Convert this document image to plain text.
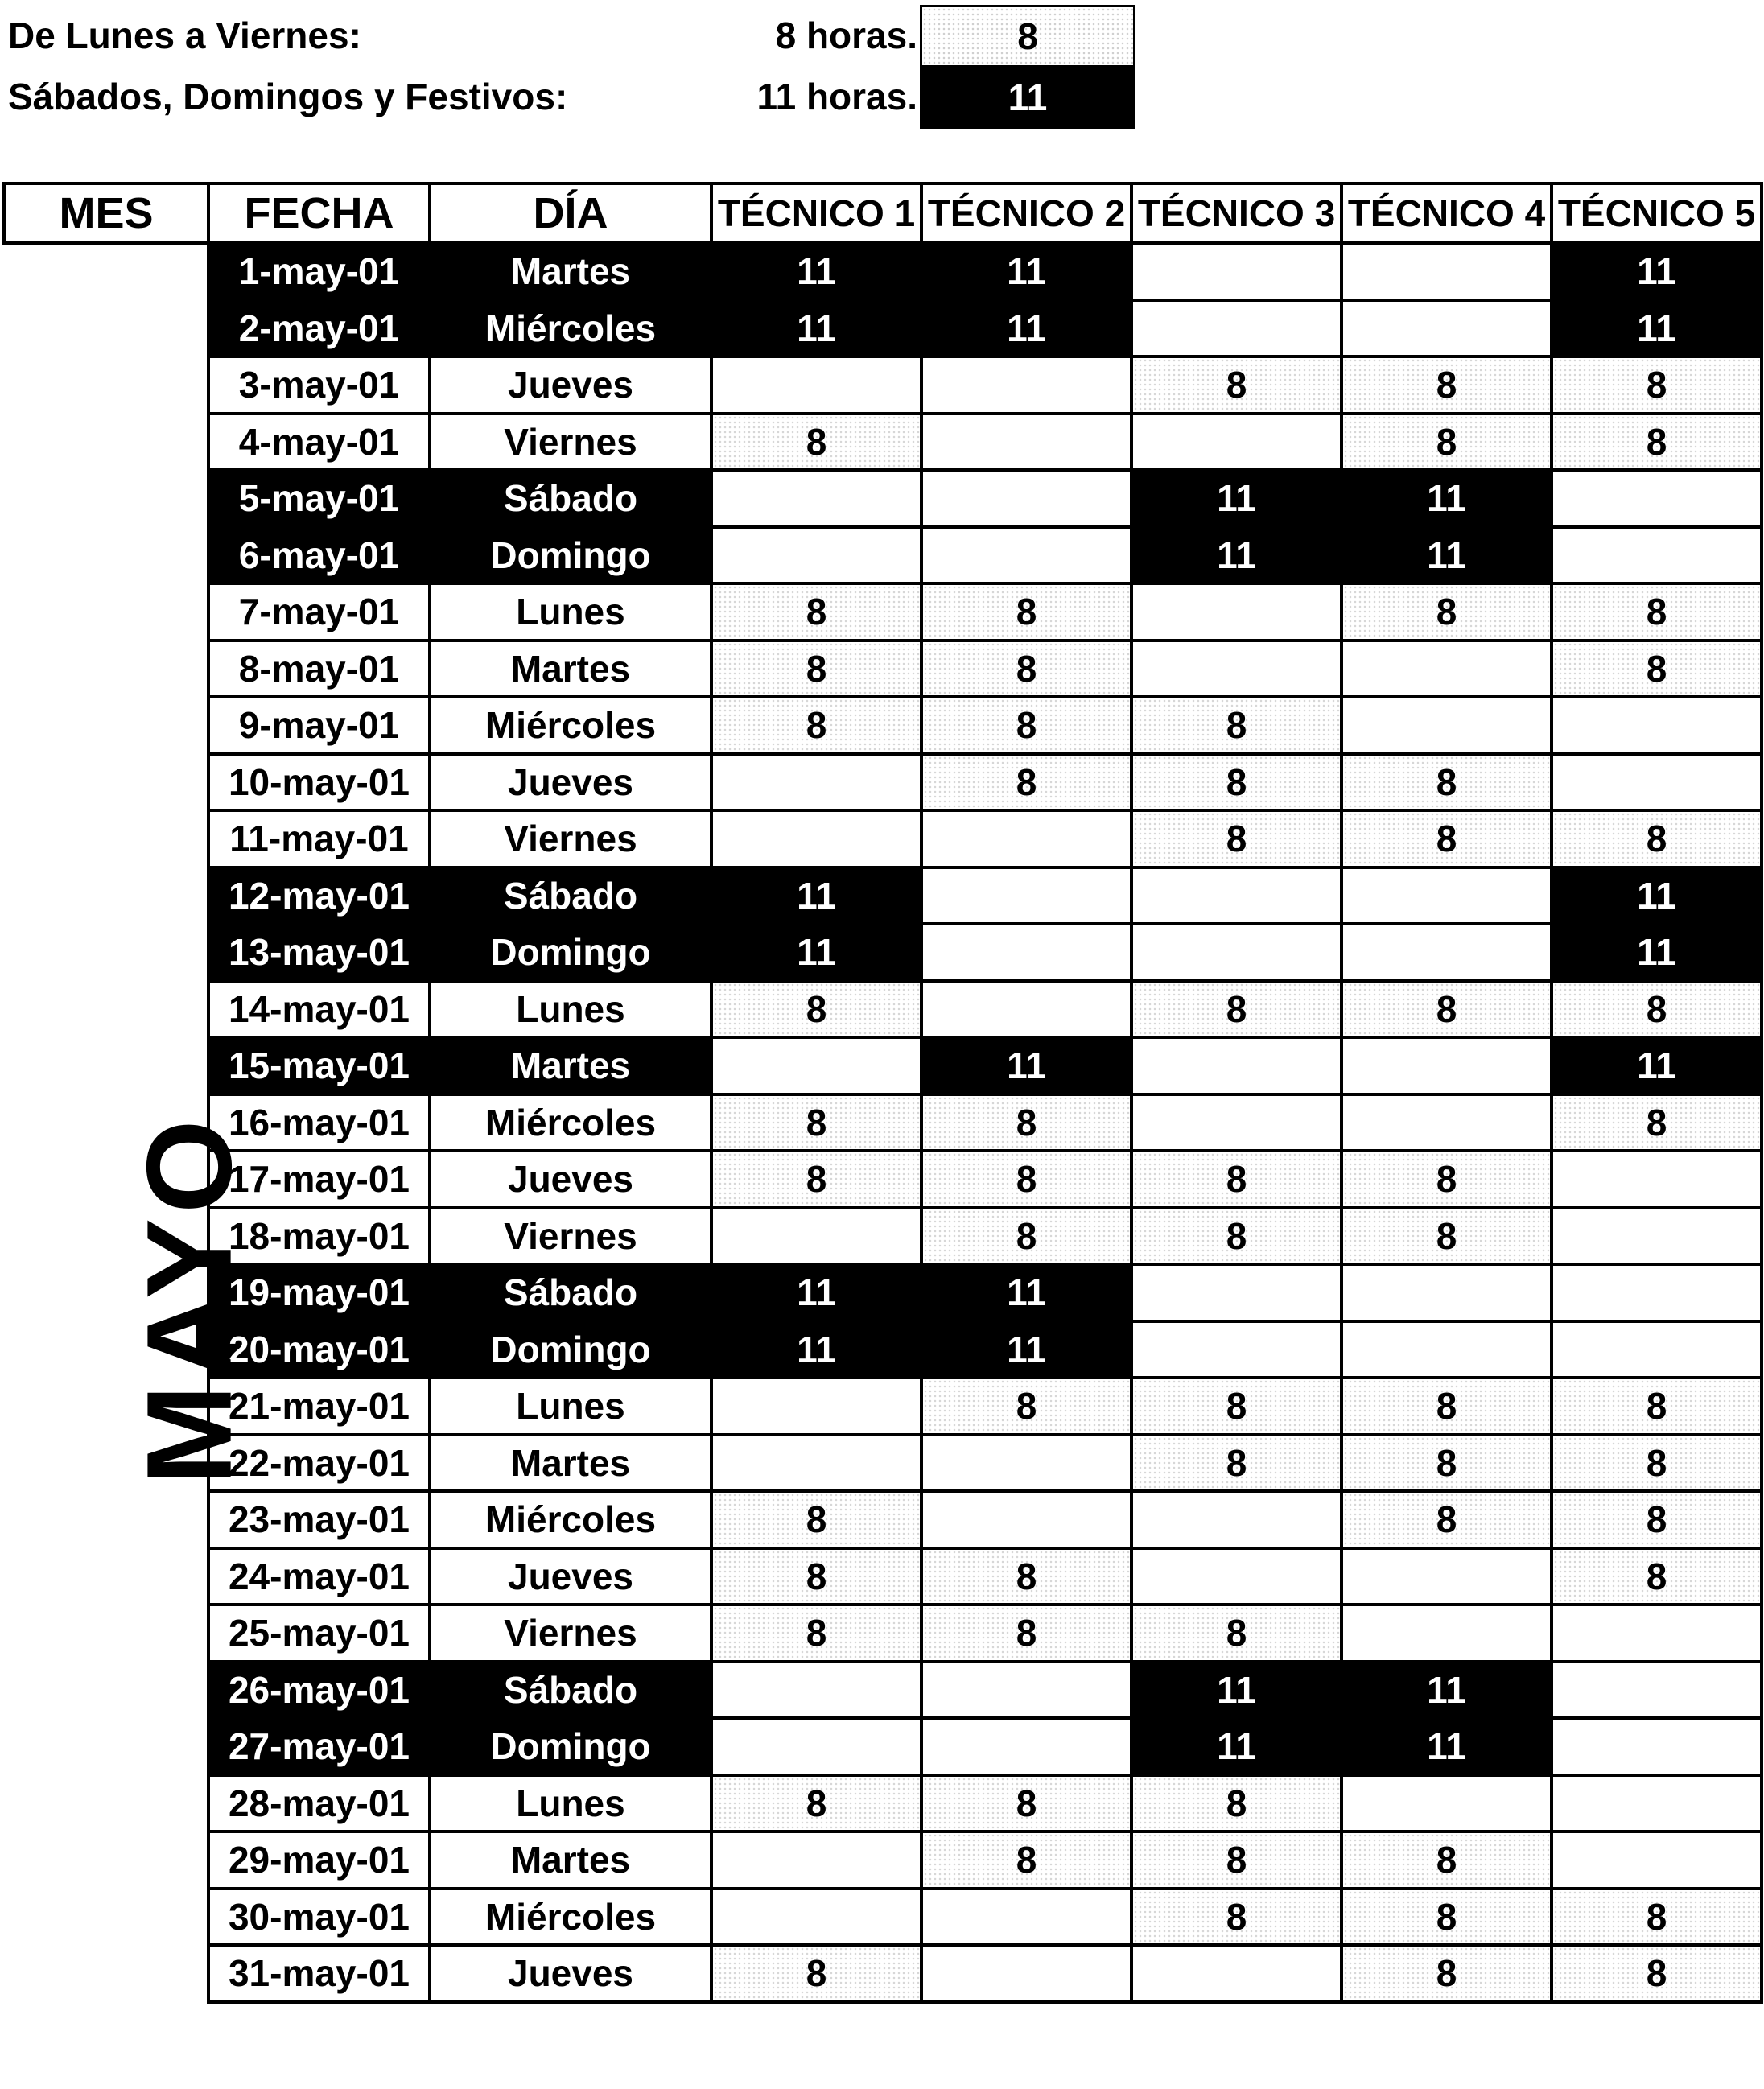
De Lunes a Viernes:	8 horas.	8
Sábados, Domingos y Festivos:	11 horas.	11
MES	FECHA	DÍA	TÉCNICO 1	TÉCNICO 2	TÉCNICO 3	TÉCNICO 4	TÉCNICO 5
MAYO	1-may-01	Martes	11	11			11
	2-may-01	Miércoles	11	11			11
	3-may-01	Jueves			8	8	8
	4-may-01	Viernes	8			8	8
	5-may-01	Sábado			11	11	
	6-may-01	Domingo			11	11	
	7-may-01	Lunes	8	8		8	8
	8-may-01	Martes	8	8			8
	9-may-01	Miércoles	8	8	8		
	10-may-01	Jueves		8	8	8	
	11-may-01	Viernes			8	8	8
	12-may-01	Sábado	11				11
	13-may-01	Domingo	11				11
	14-may-01	Lunes	8		8	8	8
	15-may-01	Martes		11			11
	16-may-01	Miércoles	8	8			8
	17-may-01	Jueves	8	8	8	8	
	18-may-01	Viernes		8	8	8	
	19-may-01	Sábado	11	11			
	20-may-01	Domingo	11	11			
	21-may-01	Lunes		8	8	8	8
	22-may-01	Martes			8	8	8
	23-may-01	Miércoles	8			8	8
	24-may-01	Jueves	8	8			8
	25-may-01	Viernes	8	8	8		
	26-may-01	Sábado			11	11	
	27-may-01	Domingo			11	11	
	28-may-01	Lunes	8	8	8		
	29-may-01	Martes		8	8	8	
	30-may-01	Miércoles			8	8	8
	31-may-01	Jueves	8			8	8
